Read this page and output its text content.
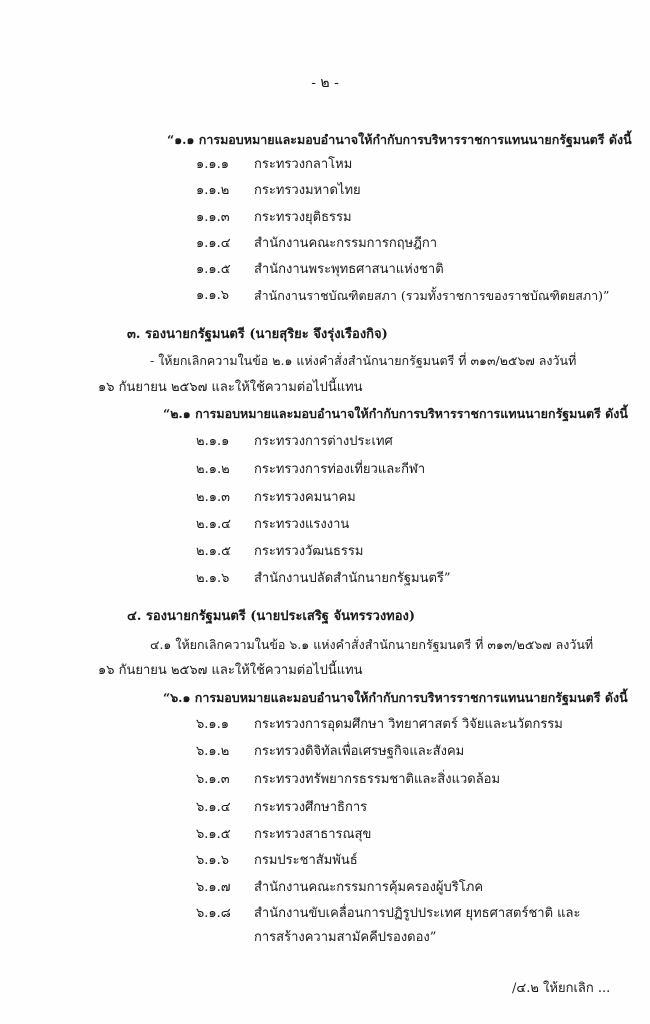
- ๒ -
“๑.๑ การมอบหมายและมอบอำนาจให้กำกับการบริหารราชการแทนนายกรัฐมนตรี ดังนี้
๑.๑.๑ กระทรวงกลาโหม
๑.๑.๒ กระทรวงมหาดไทย
๑.๑.๓ กระทรวงยุติธรรม
๑.๑.๔ สำนักงานคณะกรรมการกฤษฎีกา
๑.๑.๕ สำนักงานพระพุทธศาสนาแห่งชาติ
๑.๑.๖ สำนักงานราชบัณฑิตยสภา (รวมทั้งราชการของราชบัณฑิตยสภา)”
๓. รองนายกรัฐมนตรี (นายสุริยะ จึงรุ่งเรืองกิจ)
- ให้ยกเลิกความในข้อ ๒.๑ แห่งคำสั่งสำนักนายกรัฐมนตรี ที่ ๓๑๓/๒๕๖๗ ลงวันที่
๑๖ กันยายน ๒๕๖๗ และให้ใช้ความต่อไปนี้แทน
“๒.๑ การมอบหมายและมอบอำนาจให้กำกับการบริหารราชการแทนนายกรัฐมนตรี ดังนี้
๒.๑.๑ กระทรวงการต่างประเทศ
๒.๑.๒ กระทรวงการท่องเที่ยวและกีฬา
๒.๑.๓ กระทรวงคมนาคม
๒.๑.๔ กระทรวงแรงงาน
๒.๑.๕ กระทรวงวัฒนธรรม
๒.๑.๖ สำนักงานปลัดสำนักนายกรัฐมนตรี”
๔. รองนายกรัฐมนตรี (นายประเสริฐ จันทรรวงทอง)
๔.๑ ให้ยกเลิกความในข้อ ๖.๑ แห่งคำสั่งสำนักนายกรัฐมนตรี ที่ ๓๑๓/๒๕๖๗ ลงวันที่
๑๖ กันยายน ๒๕๖๗ และให้ใช้ความต่อไปนี้แทน
“๖.๑ การมอบหมายและมอบอำนาจให้กำกับการบริหารราชการแทนนายกรัฐมนตรี ดังนี้
๖.๑.๑ กระทรวงการอุดมศึกษา วิทยาศาสตร์ วิจัยและนวัตกรรม
๖.๑.๒ กระทรวงดิจิทัลเพื่อเศรษฐกิจและสังคม
๖.๑.๓ กระทรวงทรัพยากรธรรมชาติและสิ่งแวดล้อม
๖.๑.๔ กระทรวงศึกษาธิการ
๖.๑.๕ กระทรวงสาธารณสุข
๖.๑.๖ กรมประชาสัมพันธ์
๖.๑.๗ สำนักงานคณะกรรมการคุ้มครองผู้บริโภค
๖.๑.๘ สำนักงานขับเคลื่อนการปฏิรูปประเทศ ยุทธศาสตร์ชาติ และ
การสร้างความสามัคคีปรองดอง”
/๔.๒ ให้ยกเลิก ...
